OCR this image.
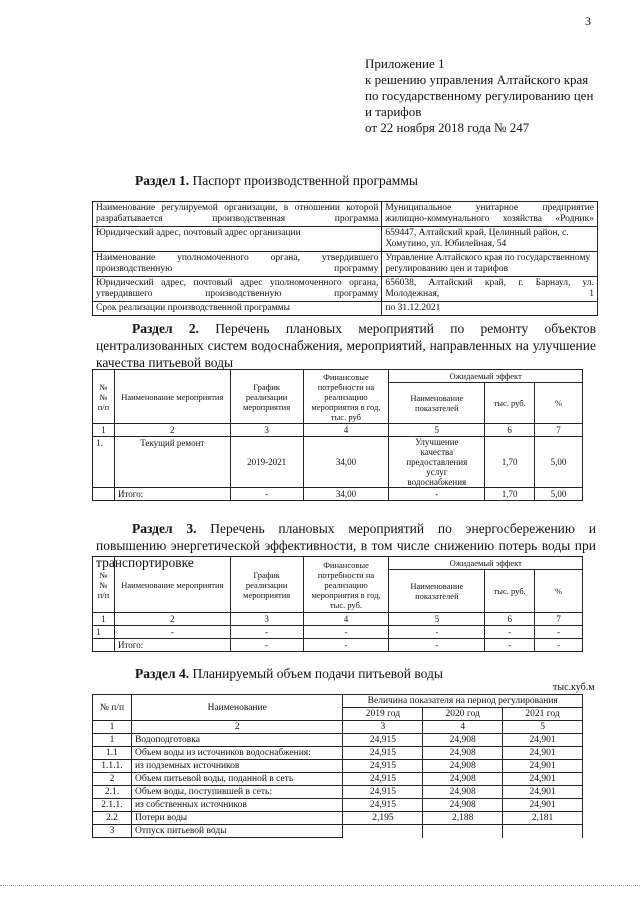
3
Приложение 1
к решению управления Алтайского края
по государственному регулированию цен
и тарифов
от 22 ноября 2018 года № 247
Раздел 1. Паспорт производственной программы
Наименование регулируемой организации, в отношении которой разрабатывается производственная программа	Муниципальное унитарное предприятие жилищно-коммунального хозяйства «Родник»
Юридический адрес, почтовый адрес организации	659447, Алтайский край, Целинный район, с. Хомутино, ул. Юбилейная, 54
Наименование уполномоченного органа, утвердившего производственную программу	Управление Алтайского края по государственному регулированию цен и тарифов
Юридический адрес, почтовый адрес уполномоченного органа, утвердившего производственную программу	656038, Алтайский край, г. Барнаул, ул. Молодежная, 1
Срок реализации производственной программы	по 31.12.2021
Раздел 2. Перечень плановых мероприятий по ремонту объектов централизованных систем водоснабжения, мероприятий, направленных на улучшение качества питьевой воды
№№ п/п	Наименование мероприятия	График реализации мероприятия	Финансовые потребности на реализацию мероприятия в год, тыс. руб	Ожидаемый эффект		
				Наименование показателей	тыс. руб.	%
1	2	3	4	5	6	7
1.	Текущий ремонт	2019-2021	34,00	Улучшение качества предоставления услуг водоснабжения	1,70	5,00
	Итого:	-	34,00	-	1,70	5,00
Раздел 3. Перечень плановых мероприятий по энергосбережению и повышению энергетической эффективности, в том числе снижению потерь воды при транспортировке
№№ п/п	Наименование мероприятия	График реализации мероприятия	Финансовые потребности на реализацию мероприятия в год, тыс. руб.	Ожидаемый эффект		
				Наименование показателей	тыс. руб.	%
1	2	3	4	5	6	7
1	-	-	-	-	-	-
	Итого:	-	-	-	-	-
Раздел 4. Планируемый объем подачи питьевой воды
тыс.куб.м
№ п/п	Наименование	Величина показателя на период регулирования		
		2019 год	2020 год	2021 год
1	2	3	4	5
1	Водоподготовка	24,915	24,908	24,901
1.1	Объем воды из источников водоснабжения:	24,915	24,908	24,901
1.1.1.	из подземных источников	24,915	24,908	24,901
2	Объем питьевой воды, поданной в сеть	24,915	24,908	24,901
2.1.	Объем воды, поступившей в сеть:	24,915	24,908	24,901
2.1.1.	из собственных источников	24,915	24,908	24,901
2.2	Потери воды	2,195	2,188	2,181
3	Отпуск питьевой воды			
